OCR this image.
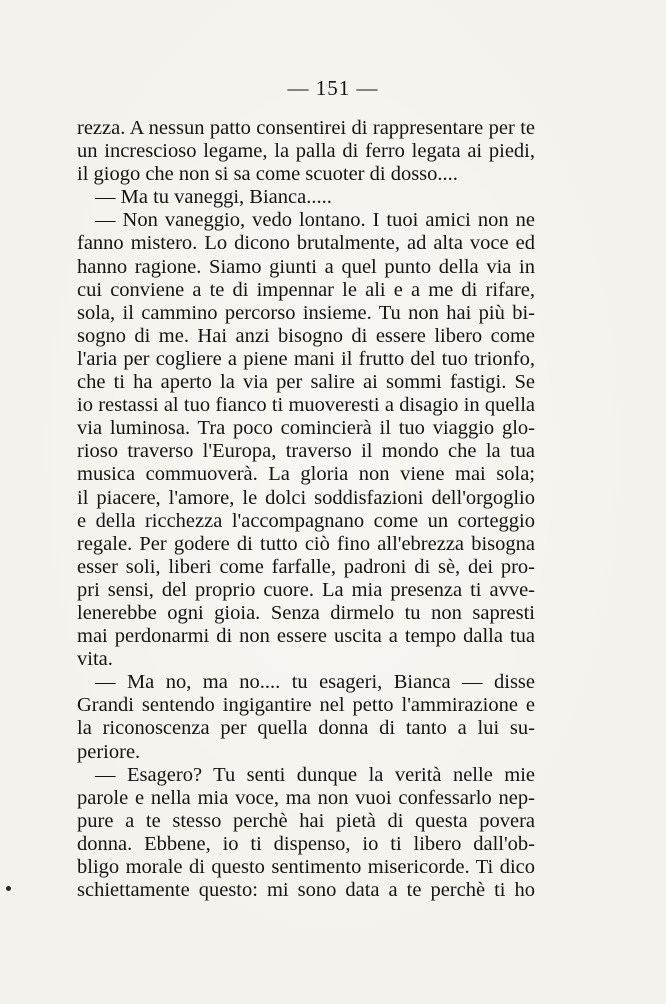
— 151 —
rezza. A nessun patto consentirei di rappresentare per te
un increscioso legame, la palla di ferro legata ai piedi,
il giogo che non si sa come scuoter di dosso....
— Ma tu vaneggi, Bianca.....
— Non vaneggio, vedo lontano. I tuoi amici non ne
fanno mistero. Lo dicono brutalmente, ad alta voce ed
hanno ragione. Siamo giunti a quel punto della via in
cui conviene a te di impennar le ali e a me di rifare,
sola, il cammino percorso insieme. Tu non hai più bi-
sogno di me. Hai anzi bisogno di essere libero come
l'aria per cogliere a piene mani il frutto del tuo trionfo,
che ti ha aperto la via per salire ai sommi fastigi. Se
io restassi al tuo fianco ti muoveresti a disagio in quella
via luminosa. Tra poco comincierà il tuo viaggio glo-
rioso traverso l'Europa, traverso il mondo che la tua
musica commuoverà. La gloria non viene mai sola;
il piacere, l'amore, le dolci soddisfazioni dell'orgoglio
e della ricchezza l'accompagnano come un corteggio
regale. Per godere di tutto ciò fino all'ebrezza bisogna
esser soli, liberi come farfalle, padroni di sè, dei pro-
pri sensi, del proprio cuore. La mia presenza ti avve-
lenerebbe ogni gioia. Senza dirmelo tu non sapresti
mai perdonarmi di non essere uscita a tempo dalla tua
vita.
— Ma no, ma no.... tu esageri, Bianca — disse
Grandi sentendo ingigantire nel petto l'ammirazione e
la riconoscenza per quella donna di tanto a lui su-
periore.
— Esagero? Tu senti dunque la verità nelle mie
parole e nella mia voce, ma non vuoi confessarlo nep-
pure a te stesso perchè hai pietà di questa povera
donna. Ebbene, io ti dispenso, io ti libero dall'ob-
bligo morale di questo sentimento misericorde. Ti dico
schiettamente questo: mi sono data a te perchè ti ho
